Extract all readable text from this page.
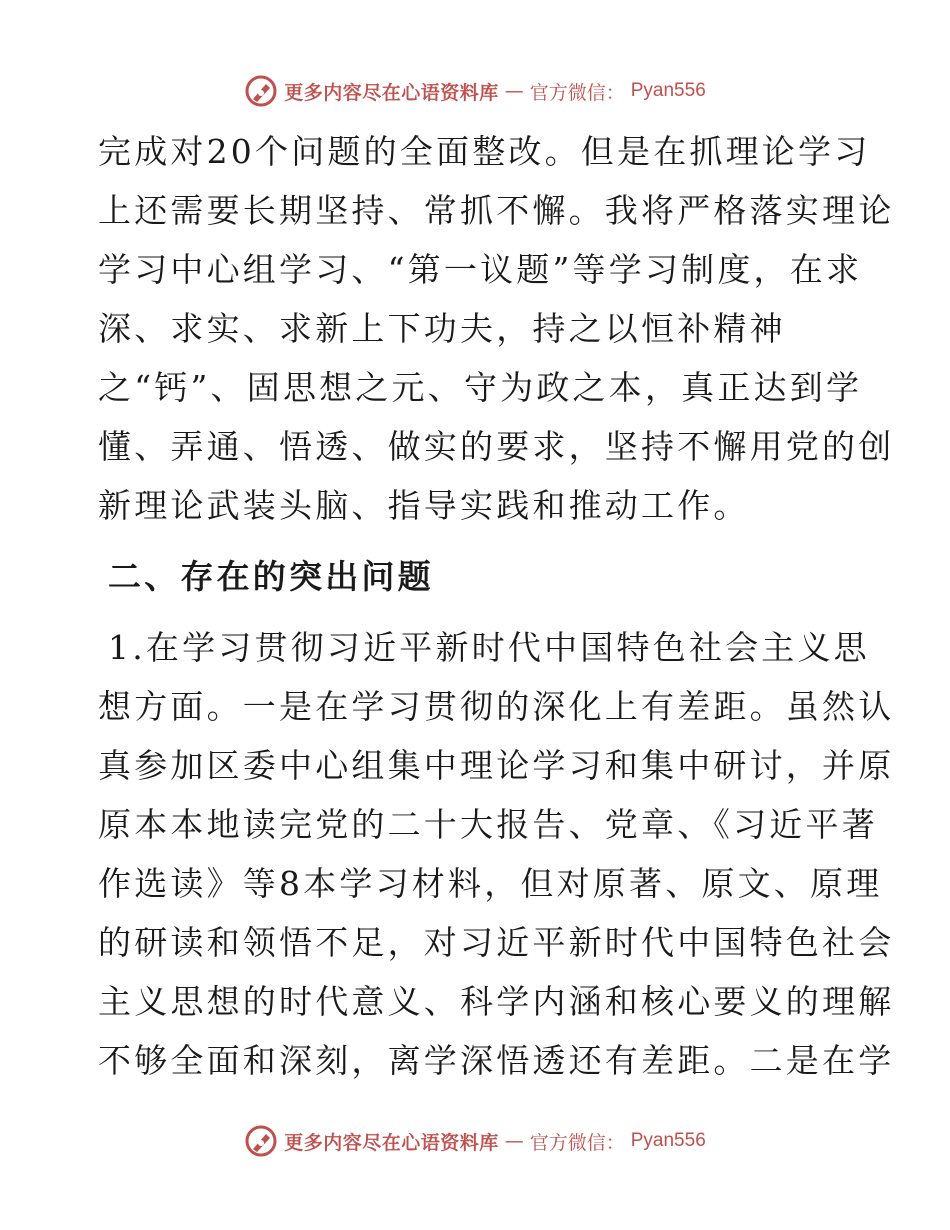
更多内容尽在心语资料库 — 官方微信： Pyan556

完成对20个问题的全面整改。但是在抓理论学习
上还需要长期坚持、常抓不懈。我将严格落实理论
学习中心组学习、“第一议题”等学习制度，在求
深、求实、求新上下功夫，持之以恒补精神
之“钙”、固思想之元、守为政之本，真正达到学
懂、弄通、悟透、做实的要求，坚持不懈用党的创
新理论武装头脑、指导实践和推动工作。

二、存在的突出问题

1.在学习贯彻习近平新时代中国特色社会主义思
想方面。一是在学习贯彻的深化上有差距。虽然认
真参加区委中心组集中理论学习和集中研讨，并原
原本本地读完党的二十大报告、党章、《习近平著
作选读》等8本学习材料，但对原著、原文、原理
的研读和领悟不足，对习近平新时代中国特色社会
主义思想的时代意义、科学内涵和核心要义的理解
不够全面和深刻，离学深悟透还有差距。二是在学

更多内容尽在心语资料库 — 官方微信： Pyan556
